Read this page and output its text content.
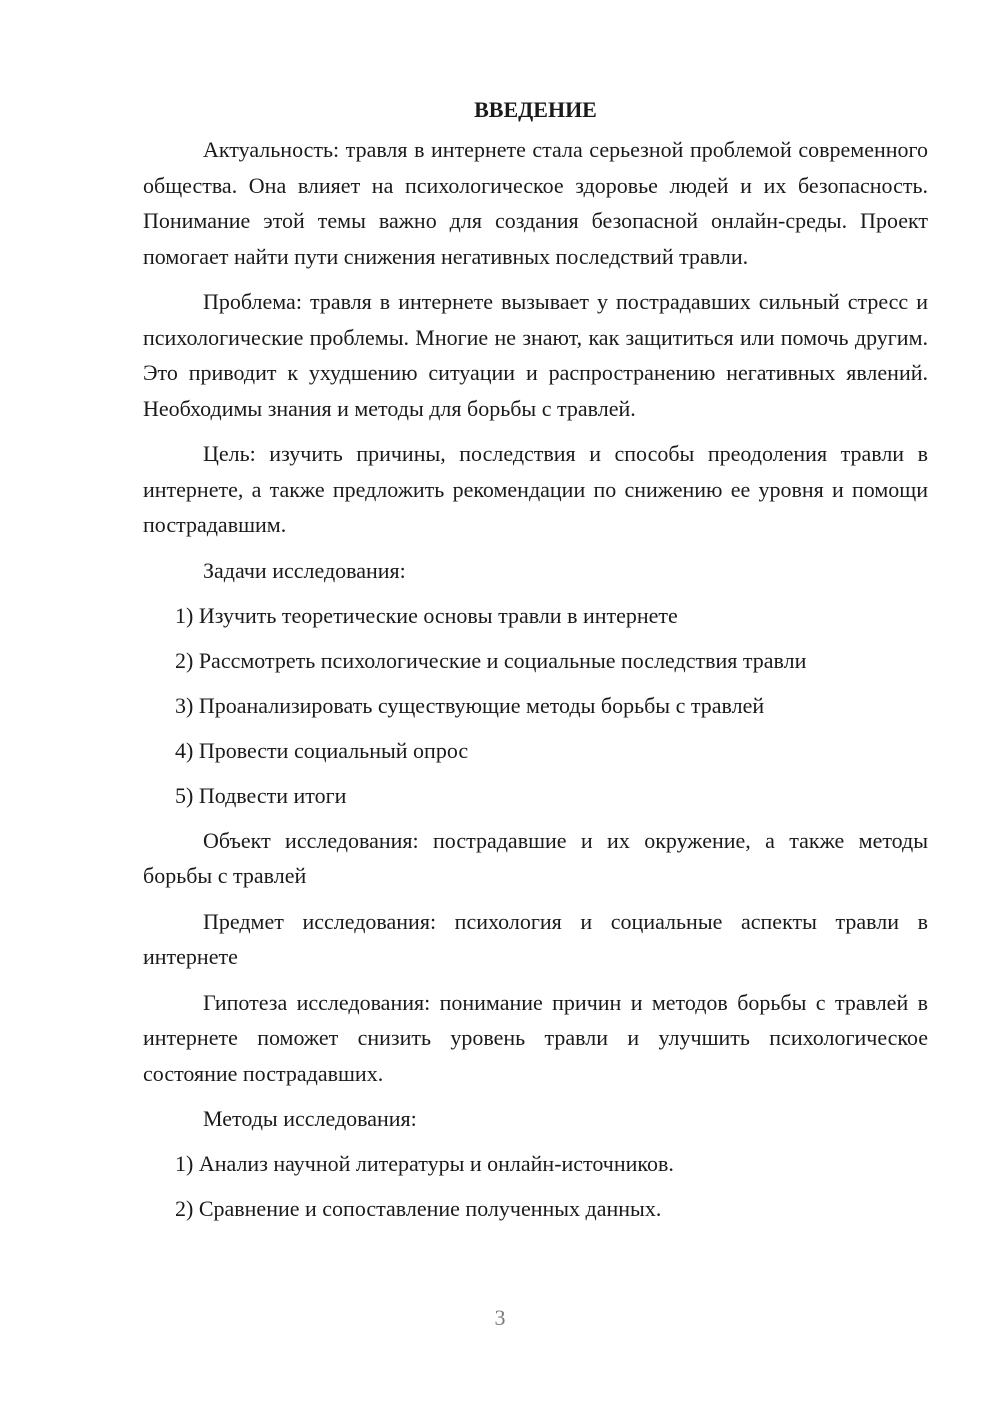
ВВЕДЕНИЕ

Актуальность: травля в интернете стала серьезной проблемой современного общества. Она влияет на психологическое здоровье людей и их безопасность. Понимание этой темы важно для создания безопасной онлайн-среды. Проект помогает найти пути снижения негативных последствий травли.

Проблема: травля в интернете вызывает у пострадавших сильный стресс и психологические проблемы. Многие не знают, как защититься или помочь другим. Это приводит к ухудшению ситуации и распространению негативных явлений. Необходимы знания и методы для борьбы с травлей.

Цель: изучить причины, последствия и способы преодоления травли в интернете, а также предложить рекомендации по снижению ее уровня и помощи пострадавшим.

Задачи исследования:
1) Изучить теоретические основы травли в интернете
2) Рассмотреть психологические и социальные последствия травли
3) Проанализировать существующие методы борьбы с травлей
4) Провести социальный опрос
5) Подвести итоги

Объект исследования: пострадавшие и их окружение, а также методы борьбы с травлей

Предмет исследования: психология и социальные аспекты травли в интернете

Гипотеза исследования: понимание причин и методов борьбы с травлей в интернете поможет снизить уровень травли и улучшить психологическое состояние пострадавших.

Методы исследования:
1) Анализ научной литературы и онлайн-источников.
2) Сравнение и сопоставление полученных данных.
3
